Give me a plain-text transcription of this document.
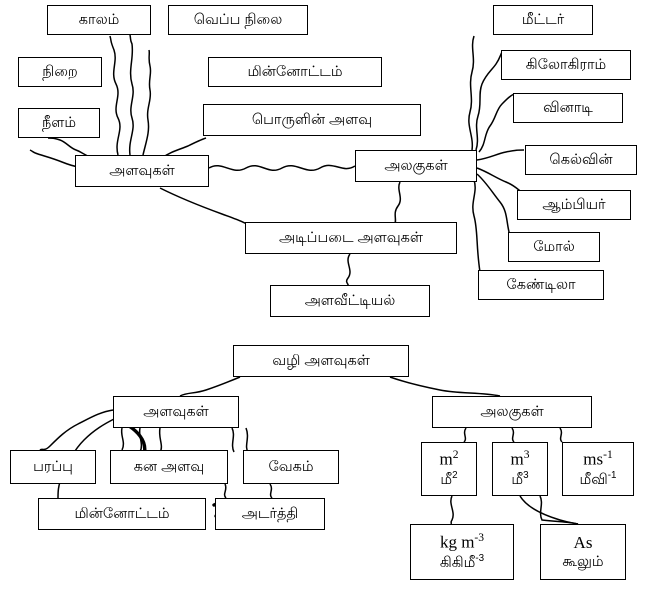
காலம்	வெப்ப நிலை
நிறை	மின்னோட்டம்
நீளம்	பொருளின் அளவு
அளவுகள்	அலகுகள்
மீட்டர்
கிலோகிராம்
வினாடி
கெல்வின்
ஆம்பியர்
மோல்
கேண்டிலா
அடிப்படை அளவுகள்
அளவீட்டியல்
வழி அளவுகள்
அளவுகள்	அலகுகள்
பரப்பு	கன அளவு	வேகம்
மின்னோட்டம்	அடர்த்தி
$m^2$
மீ$^2$
$m^3$
மீ$^3$
$ms^{-1}$
மீவி$^{-1}$
kg $m^{-3}$
கிகிமீ$^{-3}$
As
கூலும்
